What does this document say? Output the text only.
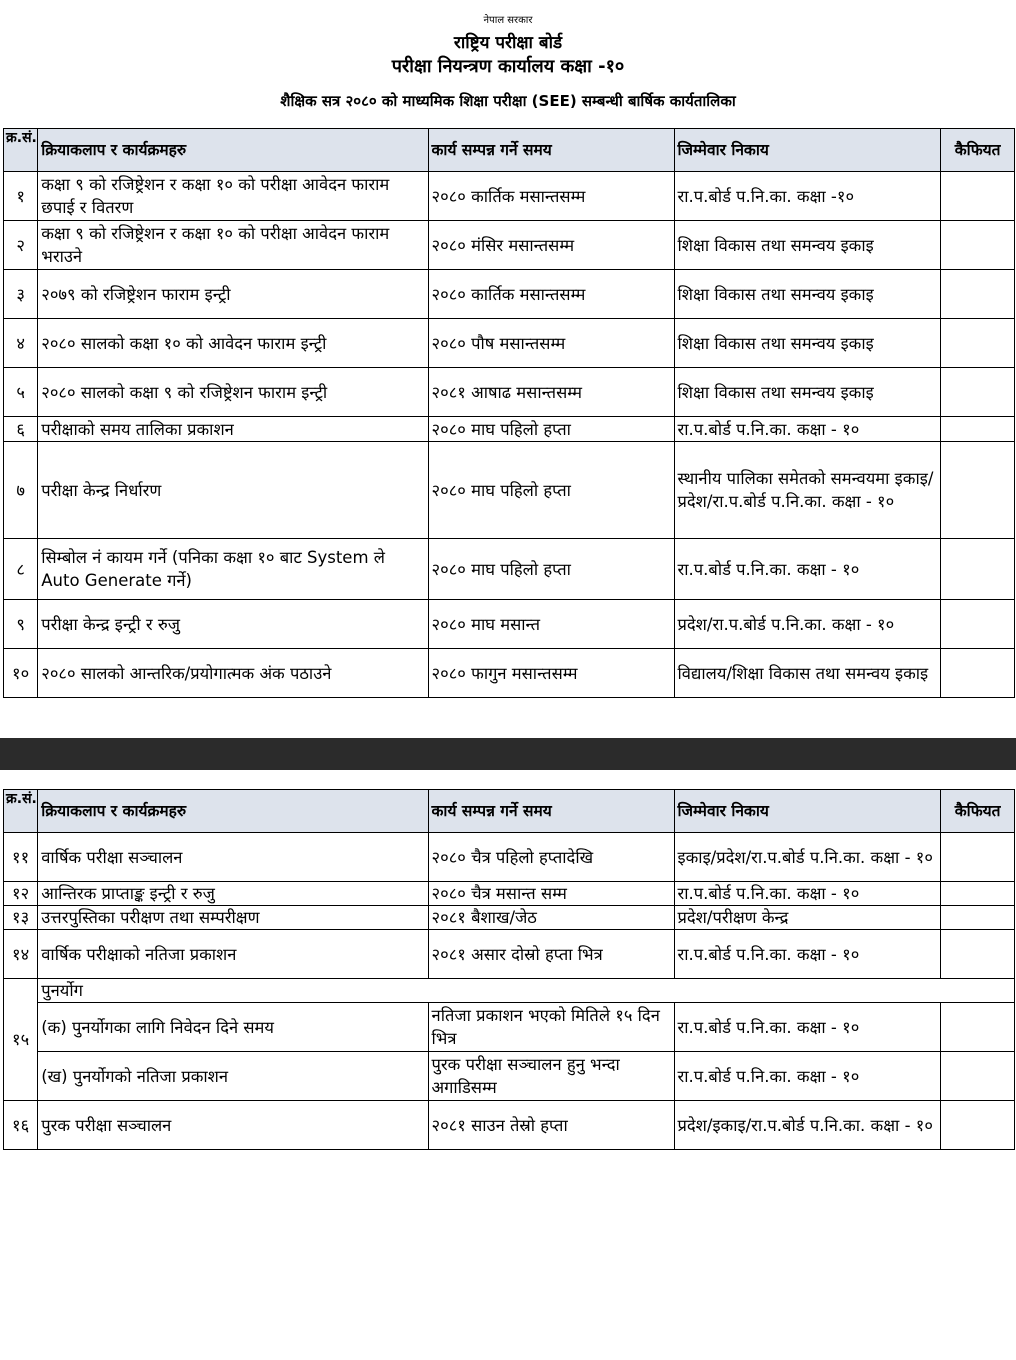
नेपाल सरकार
राष्ट्रिय परीक्षा बोर्ड
परीक्षा नियन्त्रण कार्यालय कक्षा -१०
शैक्षिक सत्र २०८० को माध्यमिक शिक्षा परीक्षा (SEE) सम्बन्धी बार्षिक कार्यतालिका
क्र.सं.	क्रियाकलाप र कार्यक्रमहरु	कार्य सम्पन्न गर्ने समय	जिम्मेवार निकाय	कैफियत
१	कक्षा ९ को रजिष्ट्रेशन र कक्षा १० को परीक्षा आवेदन फाराम छपाई र वितरण	२०८० कार्तिक मसान्तसम्म	रा.प.बोर्ड प.नि.का. कक्षा -१०	
२	कक्षा ९ को रजिष्ट्रेशन र कक्षा १० को परीक्षा आवेदन फाराम भराउने	२०८० मंसिर मसान्तसम्म	शिक्षा विकास तथा समन्वय इकाइ	
३	२०७९ को रजिष्ट्रेशन फाराम इन्ट्री	२०८० कार्तिक मसान्तसम्म	शिक्षा विकास तथा समन्वय इकाइ	
४	२०८० सालको कक्षा १० को आवेदन फाराम इन्ट्री	२०८० पौष मसान्तसम्म	शिक्षा विकास तथा समन्वय इकाइ	
५	२०८० सालको कक्षा ९ को रजिष्ट्रेशन फाराम इन्ट्री	२०८१ आषाढ मसान्तसम्म	शिक्षा विकास तथा समन्वय इकाइ	
६	परीक्षाको समय तालिका प्रकाशन	२०८० माघ पहिलो हप्ता	रा.प.बोर्ड प.नि.का. कक्षा - १०	
७	परीक्षा केन्द्र निर्धारण	२०८० माघ पहिलो हप्ता	स्थानीय पालिका समेतको समन्वयमा इकाइ/प्रदेश/रा.प.बोर्ड प.नि.का. कक्षा - १०	
८	सिम्बोल नं कायम गर्ने (पनिका कक्षा १० बाट System ले Auto Generate गर्ने)	२०८० माघ पहिलो हप्ता	रा.प.बोर्ड प.नि.का. कक्षा - १०	
९	परीक्षा केन्द्र इन्ट्री र रुजु	२०८० माघ मसान्त	प्रदेश/रा.प.बोर्ड प.नि.का. कक्षा - १०	
१०	२०८० सालको आन्तरिक/प्रयोगात्मक अंक पठाउने	२०८० फागुन मसान्तसम्म	विद्यालय/शिक्षा विकास तथा समन्वय इकाइ	
क्र.सं.	क्रियाकलाप र कार्यक्रमहरु	कार्य सम्पन्न गर्ने समय	जिम्मेवार निकाय	कैफियत
११	वार्षिक परीक्षा सञ्चालन	२०८० चैत्र पहिलो हप्तादेखि	इकाइ/प्रदेश/रा.प.बोर्ड प.नि.का. कक्षा - १०	
१२	आन्तिरक प्राप्ताङ्क इन्ट्री र रुजु	२०८० चैत्र मसान्त सम्म	रा.प.बोर्ड प.नि.का. कक्षा - १०	
१३	उत्तरपुस्तिका परीक्षण तथा सम्परीक्षण	२०८१ बैशाख/जेठ	प्रदेश/परीक्षण केन्द्र	
१४	वार्षिक परीक्षाको नतिजा प्रकाशन	२०८१ असार दोस्रो हप्ता भित्र	रा.प.बोर्ड प.नि.का. कक्षा - १०	
१५	पुनर्योग			
	(क) पुनर्योगका लागि निवेदन दिने समय	नतिजा प्रकाशन भएको मितिले १५ दिन भित्र	रा.प.बोर्ड प.नि.का. कक्षा - १०	
	(ख) पुनर्योगको नतिजा प्रकाशन	पुरक परीक्षा सञ्चालन हुनु भन्दा अगाडिसम्म	रा.प.बोर्ड प.नि.का. कक्षा - १०	
१६	पुरक परीक्षा सञ्चालन	२०८१ साउन तेस्रो हप्ता	प्रदेश/इकाइ/रा.प.बोर्ड प.नि.का. कक्षा - १०	
